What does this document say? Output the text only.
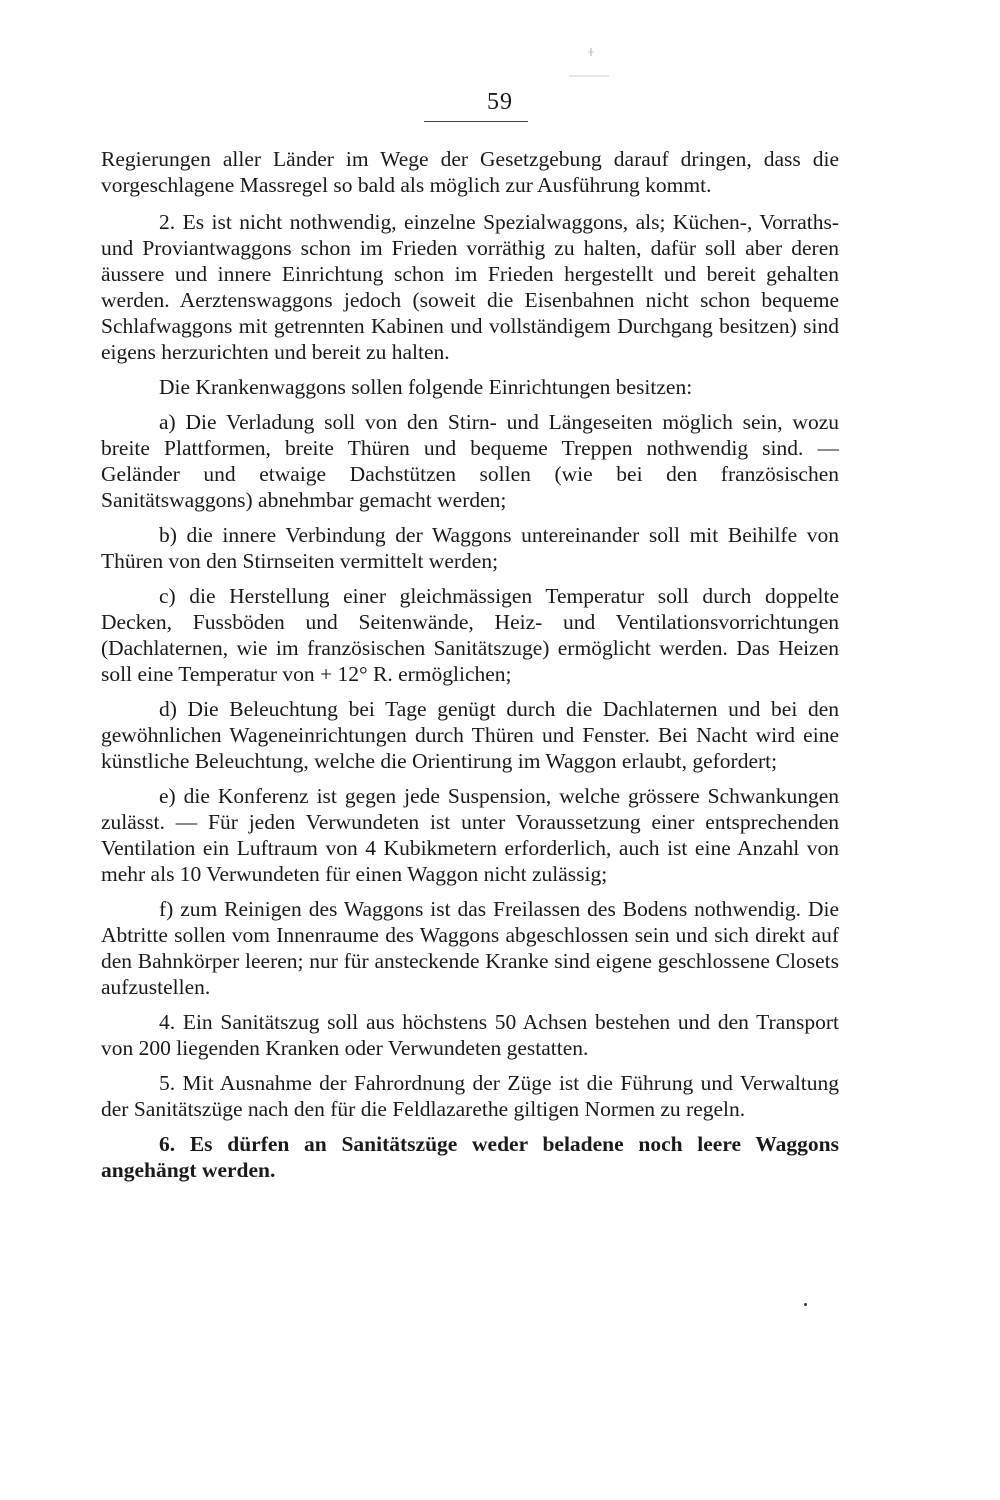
59

Regierungen aller Länder im Wege der Gesetzgebung darauf dringen, dass die vorgeschlagene Massregel so bald als möglich zur Ausführung kommt.

2. Es ist nicht nothwendig, einzelne Spezialwaggons, als; Küchen-, Vorraths- und Proviantwaggons schon im Frieden vorräthig zu halten, dafür soll aber deren äussere und innere Einrichtung schon im Frieden hergestellt und bereit gehalten werden. Aerztenswaggons jedoch (soweit die Eisenbahnen nicht schon bequeme Schlafwaggons mit getrennten Kabinen und vollständigem Durchgang besitzen) sind eigens herzurichten und bereit zu halten.

Die Krankenwaggons sollen folgende Einrichtungen besitzen:

a) Die Verladung soll von den Stirn- und Längeseiten möglich sein, wozu breite Plattformen, breite Thüren und bequeme Treppen nothwendig sind. — Geländer und etwaige Dachstützen sollen (wie bei den französischen Sanitätswaggons) abnehmbar gemacht werden;

b) die innere Verbindung der Waggons untereinander soll mit Beihilfe von Thüren von den Stirnseiten vermittelt werden;

c) die Herstellung einer gleichmässigen Temperatur soll durch doppelte Decken, Fussböden und Seitenwände, Heiz- und Ventilationsvorrichtungen (Dachlaternen, wie im französischen Sanitätszuge) ermöglicht werden. Das Heizen soll eine Temperatur von + 12° R. ermöglichen;

d) Die Beleuchtung bei Tage genügt durch die Dachlaternen und bei den gewöhnlichen Wageneinrichtungen durch Thüren und Fenster. Bei Nacht wird eine künstliche Beleuchtung, welche die Orientirung im Waggon erlaubt, gefordert;

e) die Konferenz ist gegen jede Suspension, welche grössere Schwankungen zulässt. — Für jeden Verwundeten ist unter Voraussetzung einer entsprechenden Ventilation ein Luftraum von 4 Kubikmetern erforderlich, auch ist eine Anzahl von mehr als 10 Verwundeten für einen Waggon nicht zulässig;

f) zum Reinigen des Waggons ist das Freilassen des Bodens nothwendig. Die Abtritte sollen vom Innenraume des Waggons abgeschlossen sein und sich direkt auf den Bahnkörper leeren; nur für ansteckende Kranke sind eigene geschlossene Closets aufzustellen.

4. Ein Sanitätszug soll aus höchstens 50 Achsen bestehen und den Transport von 200 liegenden Kranken oder Verwundeten gestatten.

5. Mit Ausnahme der Fahrordnung der Züge ist die Führung und Verwaltung der Sanitätszüge nach den für die Feldlazarethe giltigen Normen zu regeln.

6. Es dürfen an Sanitätszüge weder beladene noch leere Waggons angehängt werden.
